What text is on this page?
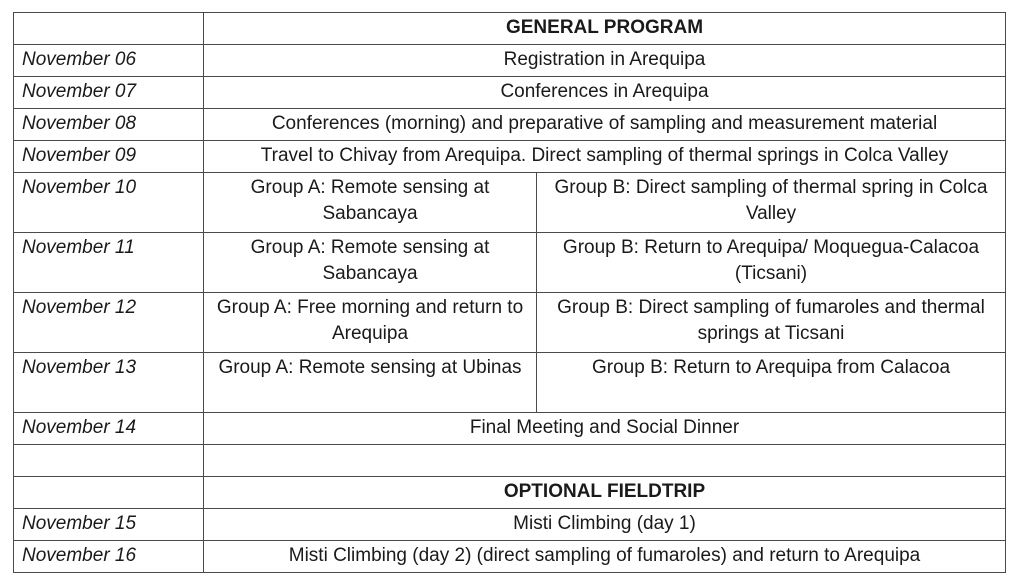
	GENERAL PROGRAM	
November 06	Registration in Arequipa	
November 07	Conferences in Arequipa	
November 08	Conferences (morning) and preparative of sampling and measurement material	
November 09	Travel to Chivay from Arequipa. Direct sampling of thermal springs in Colca Valley	
November 10	Group A: Remote sensing at Sabancaya	Group B: Direct sampling of thermal spring in Colca Valley
November 11	Group A: Remote sensing at Sabancaya	Group B: Return to Arequipa/ Moquegua-Calacoa (Ticsani)
November 12	Group A: Free morning and return to Arequipa	Group B: Direct sampling of fumaroles and thermal springs at Ticsani
November 13	Group A: Remote sensing at Ubinas	Group B: Return to Arequipa from Calacoa
November 14	Final Meeting and Social Dinner	

	OPTIONAL FIELDTRIP	
November 15	Misti Climbing (day 1)	
November 16	Misti Climbing (day 2) (direct sampling of fumaroles) and return to Arequipa	
